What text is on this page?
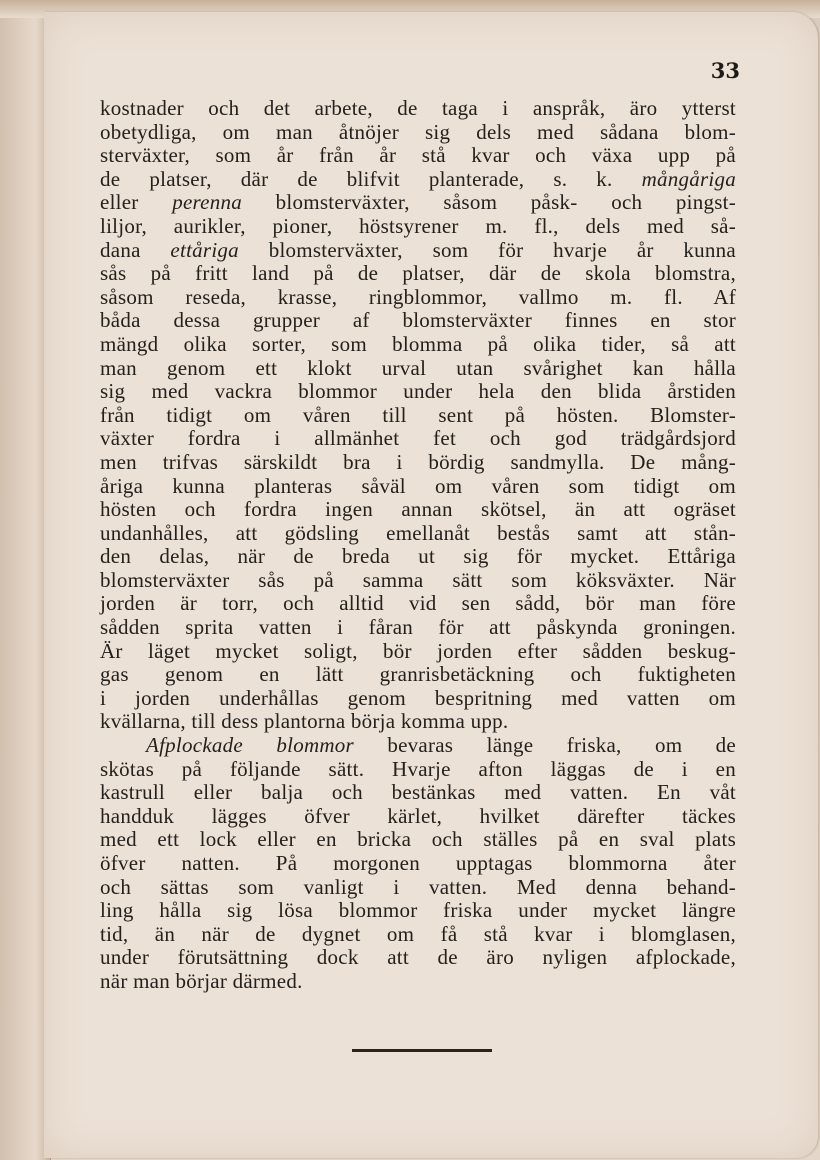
33
kostnader och det arbete, de taga i anspråk, äro ytterst
obetydliga, om man åtnöjer sig dels med sådana blom-
sterväxter, som år från år stå kvar och växa upp på
de platser, där de blifvit planterade, s. k. mångåriga
eller perenna blomsterväxter, såsom påsk- och pingst-
liljor, aurikler, pioner, höstsyrener m. fl., dels med så-
dana ettåriga blomsterväxter, som för hvarje år kunna
sås på fritt land på de platser, där de skola blomstra,
såsom reseda, krasse, ringblommor, vallmo m. fl. Af
båda dessa grupper af blomsterväxter finnes en stor
mängd olika sorter, som blomma på olika tider, så att
man genom ett klokt urval utan svårighet kan hålla
sig med vackra blommor under hela den blida årstiden
från tidigt om våren till sent på hösten. Blomster-
växter fordra i allmänhet fet och god trädgårdsjord
men trifvas särskildt bra i bördig sandmylla. De mång-
åriga kunna planteras såväl om våren som tidigt om
hösten och fordra ingen annan skötsel, än att ogräset
undanhålles, att gödsling emellanåt bestås samt att stån-
den delas, när de breda ut sig för mycket. Ettåriga
blomsterväxter sås på samma sätt som köksväxter. När
jorden är torr, och alltid vid sen sådd, bör man före
sådden sprita vatten i fåran för att påskynda groningen.
Är läget mycket soligt, bör jorden efter sådden beskug-
gas genom en lätt granrisbetäckning och fuktigheten
i jorden underhållas genom bespritning med vatten om
kvällarna, till dess plantorna börja komma upp.
Afplockade blommor bevaras länge friska, om de
skötas på följande sätt. Hvarje afton läggas de i en
kastrull eller balja och bestänkas med vatten. En våt
handduk lägges öfver kärlet, hvilket därefter täckes
med ett lock eller en bricka och ställes på en sval plats
öfver natten. På morgonen upptagas blommorna åter
och sättas som vanligt i vatten. Med denna behand-
ling hålla sig lösa blommor friska under mycket längre
tid, än när de dygnet om få stå kvar i blomglasen,
under förutsättning dock att de äro nyligen afplockade,
när man börjar därmed.
